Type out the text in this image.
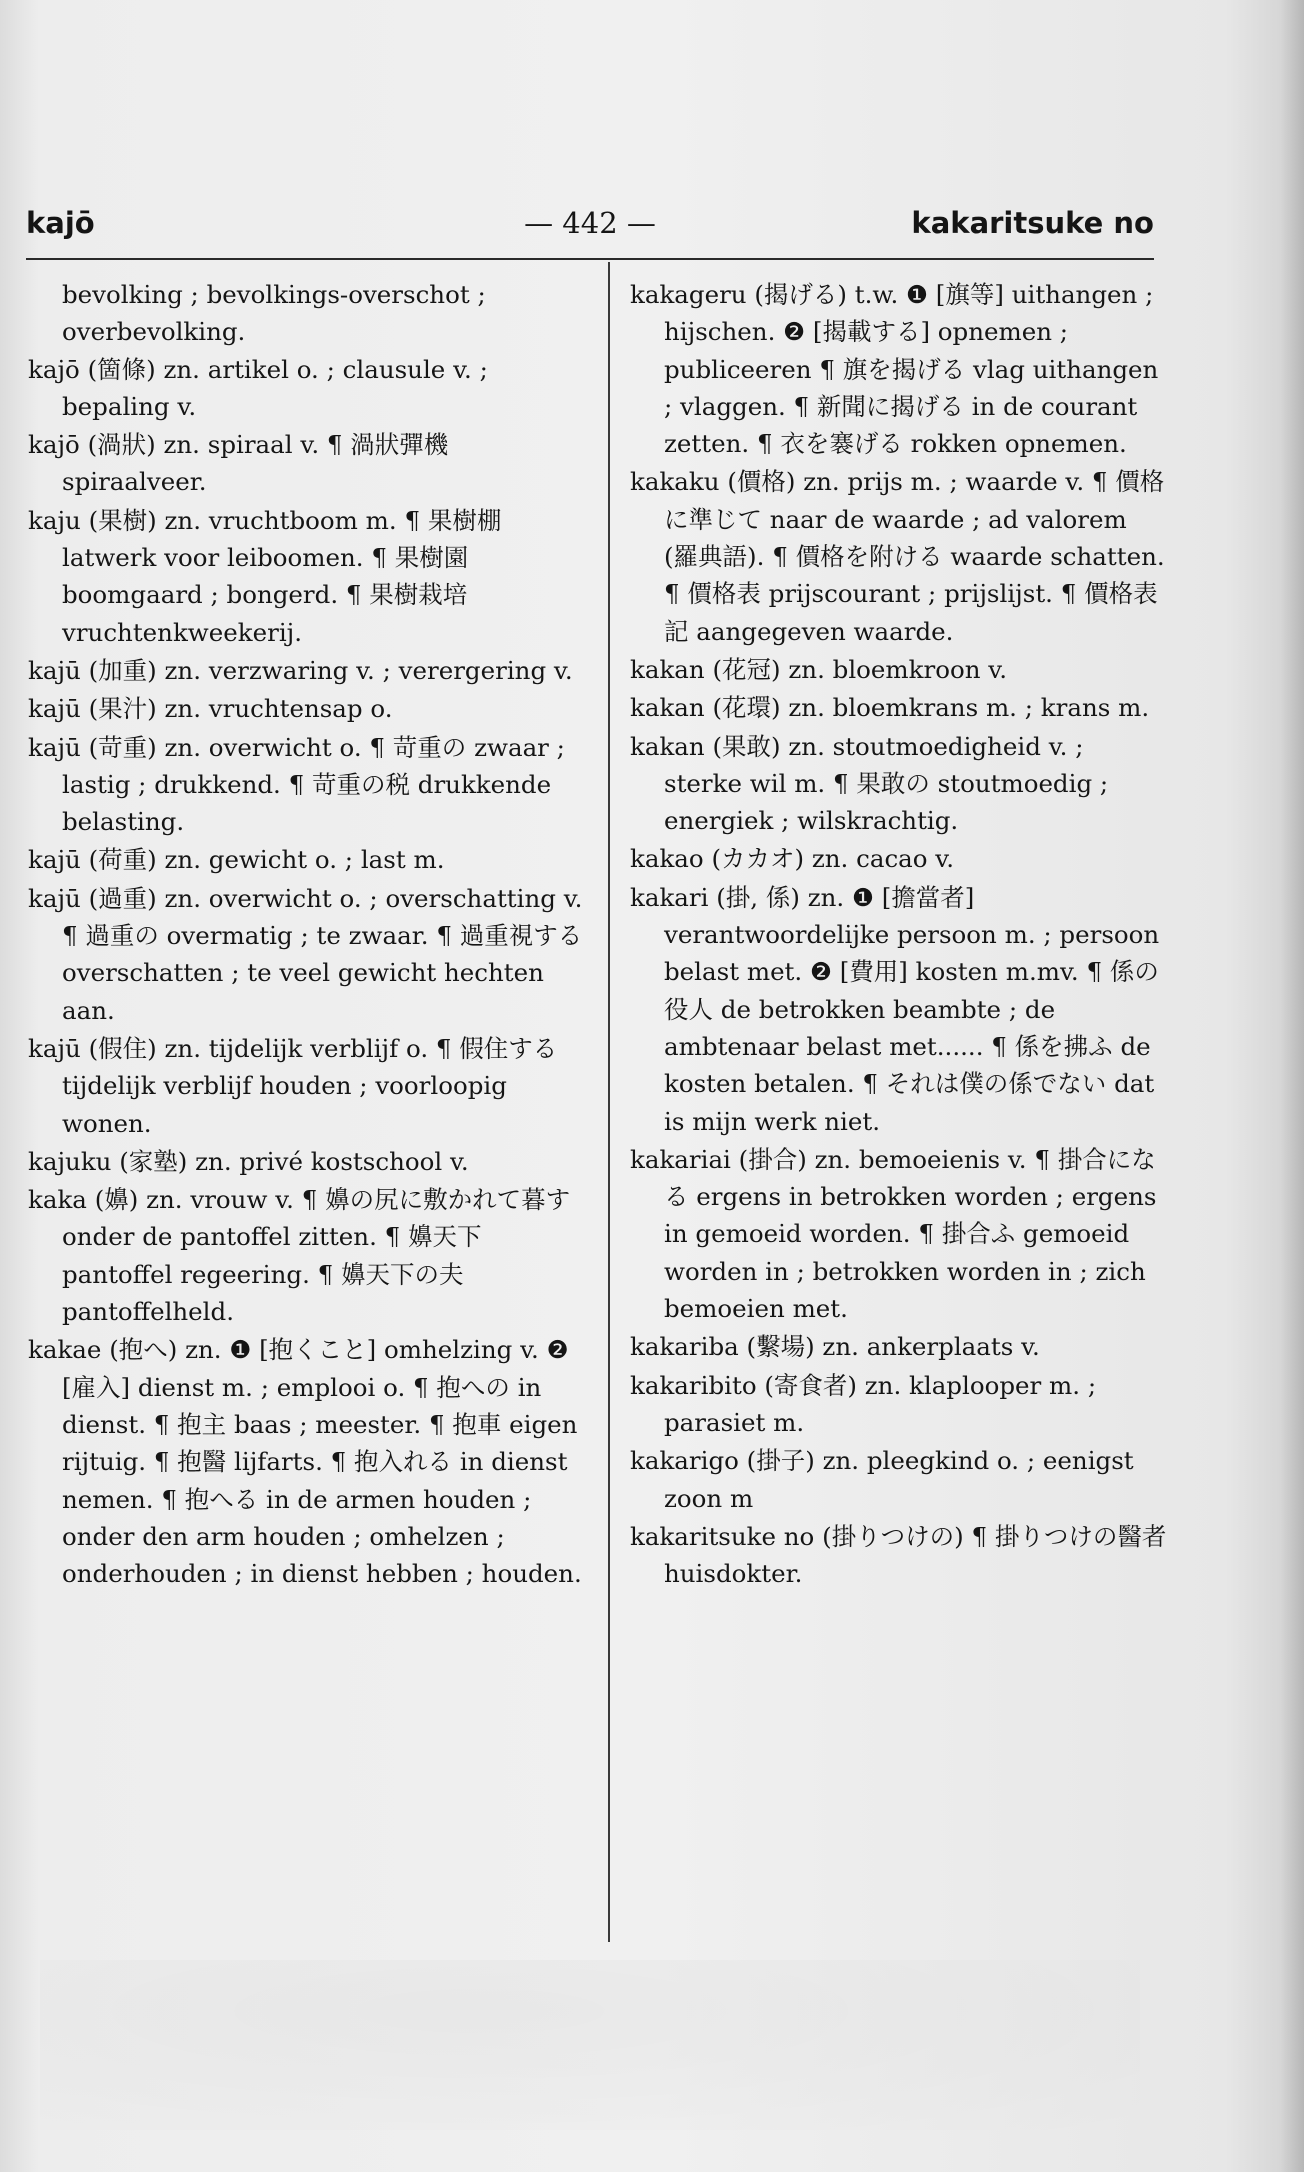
— 442 —
kajō	kakaritsuke no
bevolking ; bevolkings-overschot ; overbevolking.
kajō (箇條) zn. artikel o. ; clausule v. ; bepaling v.
kajō (渦狀) zn. spiraal v. ¶ 渦狀彈機 spiraalveer.
kaju (果樹) zn. vruchtboom m. ¶ 果樹棚 latwerk voor leiboomen. ¶ 果樹園 boomgaard ; bongerd. ¶ 果樹栽培 vruchtenkweekerij.
kajū (加重) zn. verzwaring v. ; verergering v.
kajū (果汁) zn. vruchtensap o.
kajū (苛重) zn. overwicht o. ¶ 苛重の zwaar ; lastig ; drukkend. ¶ 苛重の税 drukkende belasting.
kajū (荷重) zn. gewicht o. ; last m.
kajū (過重) zn. overwicht o. ; overschatting v. ¶ 過重の overmatig ; te zwaar. ¶ 過重視する overschatten ; te veel gewicht hechten aan.
kajū (假住) zn. tijdelijk verblijf o. ¶ 假住する tijdelijk verblijf houden ; voorloopig wonen.
kajuku (家塾) zn. privé kostschool v.
kaka (嬶) zn. vrouw v. ¶ 嬶の尻に敷かれて暮す onder de pantoffel zitten. ¶ 嬶天下 pantoffel regeering. ¶ 嬶天下の夫 pantoffelheld.
kakae (抱へ) zn. ❶ [抱くこと] omhelzing v. ❷ [雇入] dienst m. ; emplooi o. ¶ 抱への in dienst. ¶ 抱主 baas ; meester. ¶ 抱車 eigen rijtuig. ¶ 抱醫 lijfarts. ¶ 抱入れる in dienst nemen. ¶ 抱へる in de armen houden ; onder den arm houden ; omhelzen ; onderhouden ; in dienst hebben ; houden.
kakageru (揭げる) t.w. ❶ [旗等] uithangen ; hijschen. ❷ [揭載する] opnemen ; publiceeren ¶ 旗を揭げる vlag uithangen ; vlaggen. ¶ 新聞に揭げる in de courant zetten. ¶ 衣を褰げる rokken opnemen.
kakaku (價格) zn. prijs m. ; waarde v. ¶ 價格に準じて naar de waarde ; ad valorem (羅典語). ¶ 價格を附ける waarde schatten. ¶ 價格表 prijscourant ; prijslijst. ¶ 價格表記 aangegeven waarde.
kakan (花冠) zn. bloemkroon v.
kakan (花環) zn. bloemkrans m. ; krans m.
kakan (果敢) zn. stoutmoedigheid v. ; sterke wil m. ¶ 果敢の stoutmoedig ; energiek ; wilskrachtig.
kakao (カカオ) zn. cacao v.
kakari (掛, 係) zn. ❶ [擔當者] verantwoordelijke persoon m. ; persoon belast met. ❷ [費用] kosten m.mv. ¶ 係の役人 de betrokken beambte ; de ambtenaar belast met...... ¶ 係を拂ふ de kosten betalen. ¶ それは僕の係でない dat is mijn werk niet.
kakariai (掛合) zn. bemoeienis v. ¶ 掛合になる ergens in betrokken worden ; ergens in gemoeid worden. ¶ 掛合ふ gemoeid worden in ; betrokken worden in ; zich bemoeien met.
kakariba (繫場) zn. ankerplaats v.
kakaribito (寄食者) zn. klaplooper m. ; parasiet m.
kakarigo (掛子) zn. pleegkind o. ; eenigst zoon m
kakaritsuke no (掛りつけの) ¶ 掛りつけの醫者 huisdokter.
